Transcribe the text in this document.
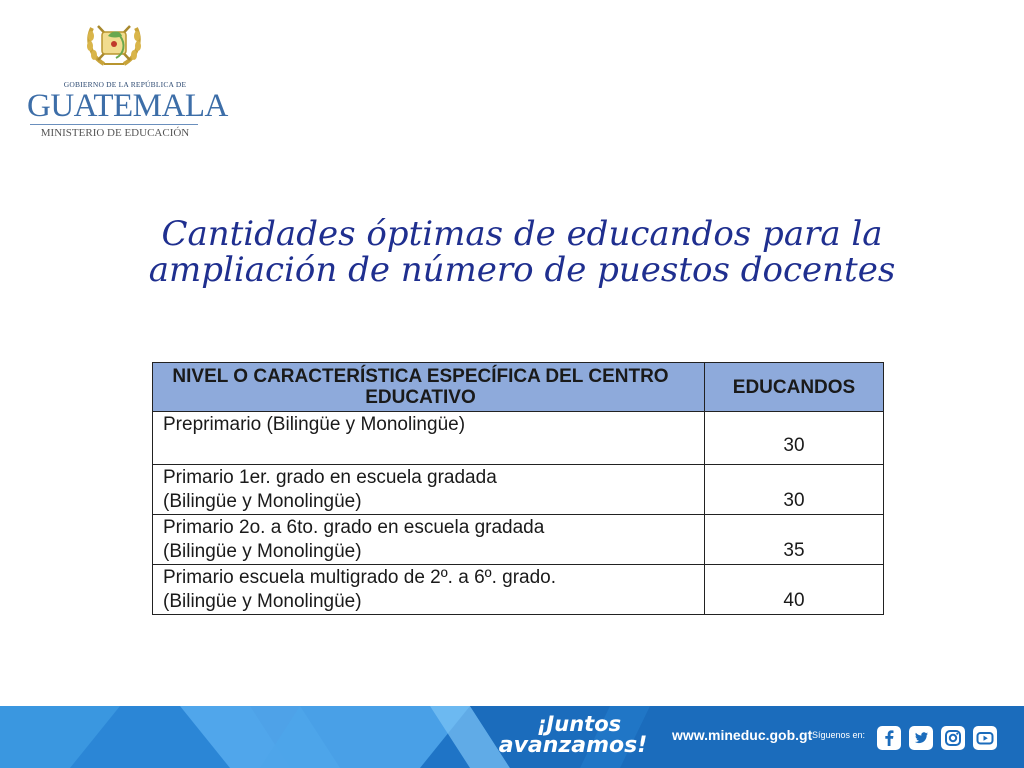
GOBIERNO DE LA REPÚBLICA DE
GUATEMALA
MINISTERIO DE EDUCACIÓN
Cantidades óptimas de educandos para la
ampliación de número de puestos docentes
NIVEL O CARACTERÍSTICA ESPECÍFICA DEL CENTRO EDUCATIVO	EDUCANDOS

Preprimario (Bilingüe y Monolingüe)	30

Primario 1er. grado en escuela gradada
(Bilingüe y Monolingüe)	30

Primario 2o. a 6to. grado en escuela gradada
(Bilingüe y Monolingüe)	35

Primario escuela multigrado de 2º. a 6º. grado.
(Bilingüe y Monolingüe)	40
¡Juntos
avanzamos!	www.mineduc.gob.gt Síguenos en:
